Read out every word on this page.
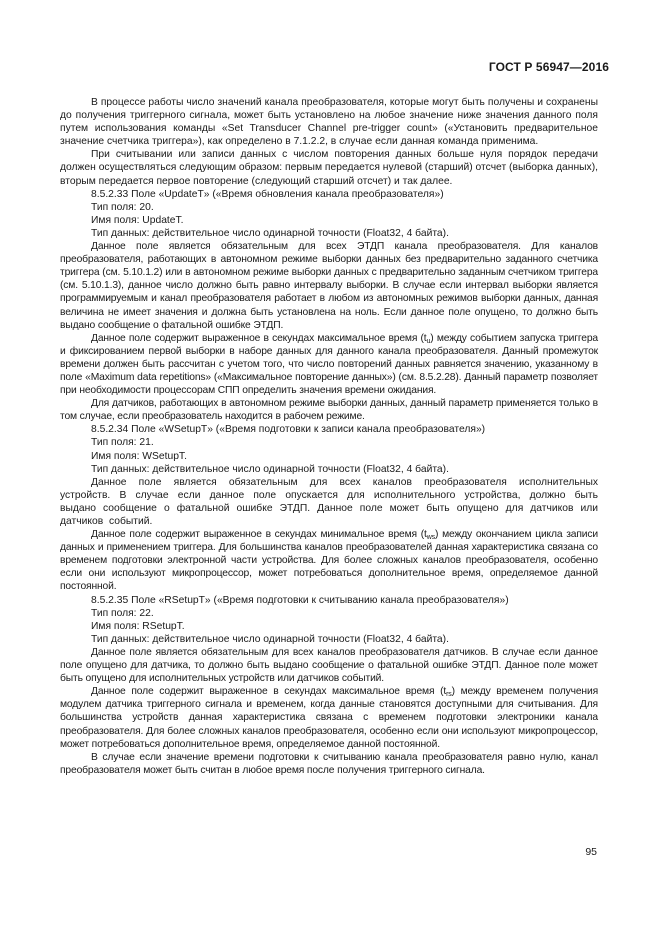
ГОСТ Р 56947—2016

В процессе работы число значений канала преобразователя, которые могут быть получены и сохранены до получения триггерного сигнала, может быть установлено на любое значение ниже значения данного поля путем использования команды «Set Transducer Channel pre-trigger count» («Установить предварительное значение счетчика триггера»), как определено в 7.1.2.2, в случае если данная команда применима.

При считывании или записи данных с числом повторения данных больше нуля порядок передачи должен осуществляться следующим образом: первым передается нулевой (старший) отсчет (выборка данных), вторым передается первое повторение (следующий старший отсчет) и так далее.

8.5.2.33 Поле «UpdateT» («Время обновления канала преобразователя»)

Тип поля: 20.

Имя поля: UpdateT.

Тип данных: действительное число одинарной точности (Float32, 4 байта).

Данное поле является обязательным для всех ЭТДП канала преобразователя. Для каналов преобразователя, работающих в автономном режиме выборки данных без предварительно заданного счетчика триггера (см. 5.10.1.2) или в автономном режиме выборки данных с предварительно заданным счетчиком триггера (см. 5.10.1.3), данное число должно быть равно интервалу выборки. В случае если интервал выборки является программируемым и канал преобразователя работает в любом из автономных режимов выборки данных, данная величина не имеет значения и должна быть установлена на ноль. Если данное поле опущено, то должно быть выдано сообщение о фатальной ошибке ЭТДП.

Данное поле содержит выраженное в секундах максимальное время $(t_u)$ между событием запуска триггера и фиксированием первой выборки в наборе данных для данного канала преобразователя. Данный промежуток времени должен быть рассчитан с учетом того, что число повторений данных равняется значению, указанному в поле «Maximum data repetitions» («Максимальное повторение данных») (см. 8.5.2.28). Данный параметр позволяет при необходимости процессорам СПП определить значения времени ожидания.

Для датчиков, работающих в автономном режиме выборки данных, данный параметр применяется только в том случае, если преобразователь находится в рабочем режиме.

8.5.2.34 Поле «WSetupT» («Время подготовки к записи канала преобразователя»)

Тип поля: 21.

Имя поля: WSetupT.

Тип данных: действительное число одинарной точности (Float32, 4 байта).

Данное поле является обязательным для всех каналов преобразователя исполнительных устройств. В случае если данное поле опускается для исполнительного устройства, должно быть выдано сообщение о фатальной ошибке ЭТДП. Данное поле может быть опущено для датчиков или датчиков событий.

Данное поле содержит выраженное в секундах минимальное время $(t_{ws})$ между окончанием цикла записи данных и применением триггера. Для большинства каналов преобразователей данная характеристика связана со временем подготовки электронной части устройства. Для более сложных каналов преобразователя, особенно если они используют микропроцессор, может потребоваться дополнительное время, определяемое данной постоянной.

8.5.2.35 Поле «RSetupT» («Время подготовки к считыванию канала преобразователя»)

Тип поля: 22.

Имя поля: RSetupT.

Тип данных: действительное число одинарной точности (Float32, 4 байта).

Данное поле является обязательным для всех каналов преобразователя датчиков. В случае если данное поле опущено для датчика, то должно быть выдано сообщение о фатальной ошибке ЭТДП. Данное поле может быть опущено для исполнительных устройств или датчиков событий.

Данное поле содержит выраженное в секундах максимальное время $(t_{rs})$ между временем получения модулем датчика триггерного сигнала и временем, когда данные становятся доступными для считывания. Для большинства устройств данная характеристика связана с временем подготовки электроники канала преобразователя. Для более сложных каналов преобразователя, особенно если они используют микропроцессор, может потребоваться дополнительное время, определяемое данной постоянной.

В случае если значение времени подготовки к считыванию канала преобразователя равно нулю, канал преобразователя может быть считан в любое время после получения триггерного сигнала.

95
